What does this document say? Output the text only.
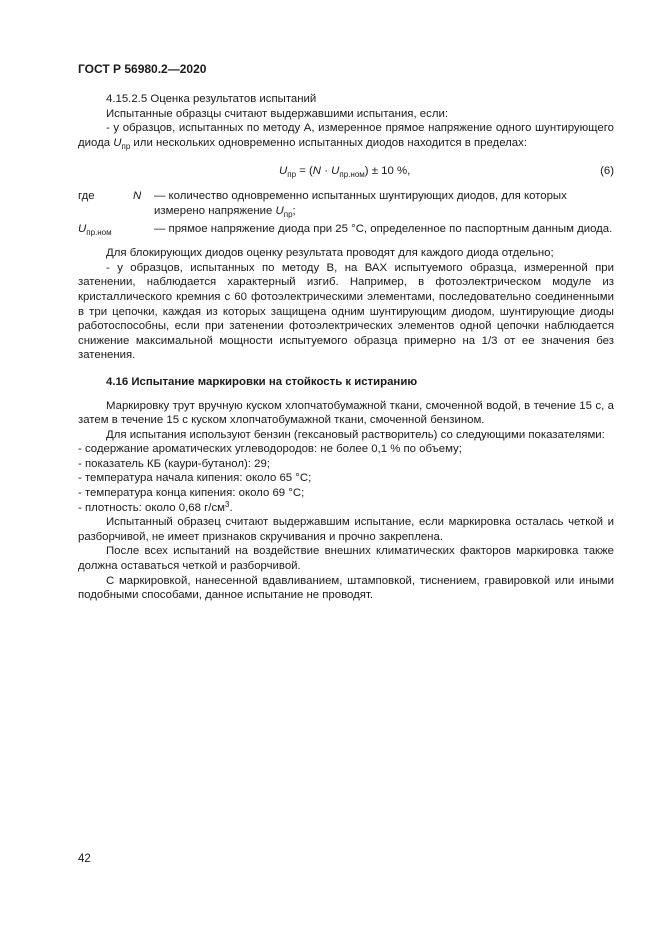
ГОСТ Р 56980.2—2020

4.15.2.5 Оценка результатов испытаний

Испытанные образцы считают выдержавшими испытания, если:

- у образцов, испытанных по методу А, измеренное прямое напряжение одного шунтирующего диода $U_{пр}$ или нескольких одновременно испытанных диодов находится в пределах:

$U_{пр} = (N \cdot U_{пр.ном}) \pm 10$ %,	(6)
где	N — количество одновременно испытанных шунтирующих диодов, для которых измерено напряжение $U_{пр}$;
$U_{пр.ном}$	— прямое напряжение диода при 25 °С, определенное по паспортным данным диода.

Для блокирующих диодов оценку результата проводят для каждого диода отдельно;

- у образцов, испытанных по методу В, на ВАХ испытуемого образца, измеренной при затенении, наблюдается характерный изгиб. Например, в фотоэлектрическом модуле из кристаллического кремния с 60 фотоэлектрическими элементами, последовательно соединенными в три цепочки, каждая из которых защищена одним шунтирующим диодом, шунтирующие диоды работоспособны, если при затенении фотоэлектрических элементов одной цепочки наблюдается снижение максимальной мощности испытуемого образца примерно на 1/3 от ее значения без затенения.

4.16 Испытание маркировки на стойкость к истиранию

Маркировку трут вручную куском хлопчатобумажной ткани, смоченной водой, в течение 15 с, а затем в течение 15 с куском хлопчатобумажной ткани, смоченной бензином.

Для испытания используют бензин (гексановый растворитель) со следующими показателями:

- содержание ароматических углеводородов: не более 0,1 % по объему;

- показатель КБ (каури-бутанол): 29;

- температура начала кипения: около 65 °С;

- температура конца кипения: около 69 °С;

- плотность: около 0,68 $г/см^3$.

Испытанный образец считают выдержавшим испытание, если маркировка осталась четкой и разборчивой, не имеет признаков скручивания и прочно закреплена.

После всех испытаний на воздействие внешних климатических факторов маркировка также должна оставаться четкой и разборчивой.

С маркировкой, нанесенной вдавливанием, штамповкой, тиснением, гравировкой или иными подобными способами, данное испытание не проводят.

42
